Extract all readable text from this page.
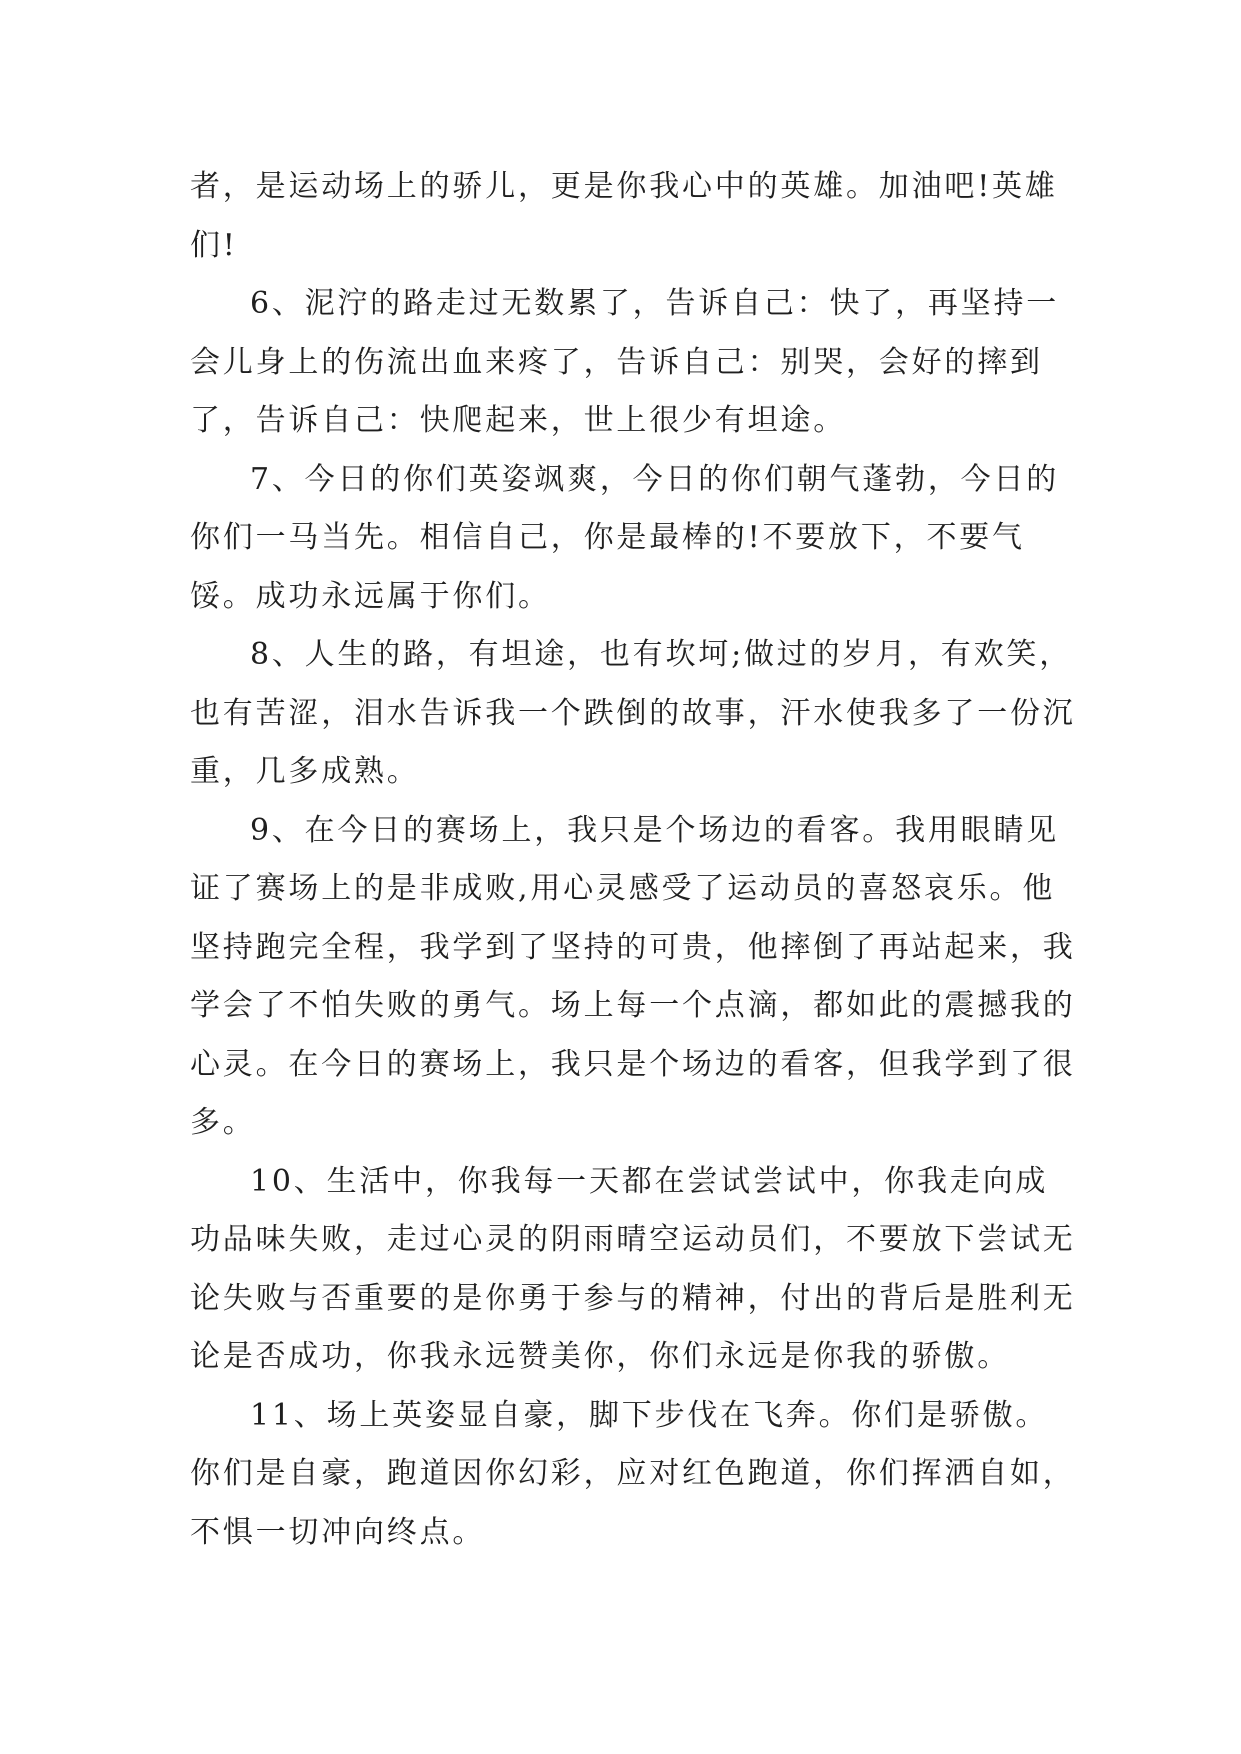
者，是运动场上的骄儿，更是你我心中的英雄。加油吧!英雄们!

6、泥泞的路走过无数累了，告诉自己：快了，再坚持一会儿身上的伤流出血来疼了，告诉自己：别哭，会好的摔到了，告诉自己：快爬起来，世上很少有坦途。

7、今日的你们英姿飒爽，今日的你们朝气蓬勃，今日的你们一马当先。相信自己，你是最棒的!不要放下，不要气馁。成功永远属于你们。

8、人生的路，有坦途，也有坎坷;做过的岁月，有欢笑，也有苦涩，泪水告诉我一个跌倒的故事，汗水使我多了一份沉重，几多成熟。

9、在今日的赛场上，我只是个场边的看客。我用眼睛见证了赛场上的是非成败,用心灵感受了运动员的喜怒哀乐。他坚持跑完全程，我学到了坚持的可贵，他摔倒了再站起来，我学会了不怕失败的勇气。场上每一个点滴，都如此的震撼我的心灵。在今日的赛场上，我只是个场边的看客，但我学到了很多。

10、生活中，你我每一天都在尝试尝试中，你我走向成功品味失败，走过心灵的阴雨晴空运动员们，不要放下尝试无论失败与否重要的是你勇于参与的精神，付出的背后是胜利无论是否成功，你我永远赞美你，你们永远是你我的骄傲。

11、场上英姿显自豪，脚下步伐在飞奔。你们是骄傲。你们是自豪，跑道因你幻彩，应对红色跑道，你们挥洒自如，不惧一切冲向终点。
